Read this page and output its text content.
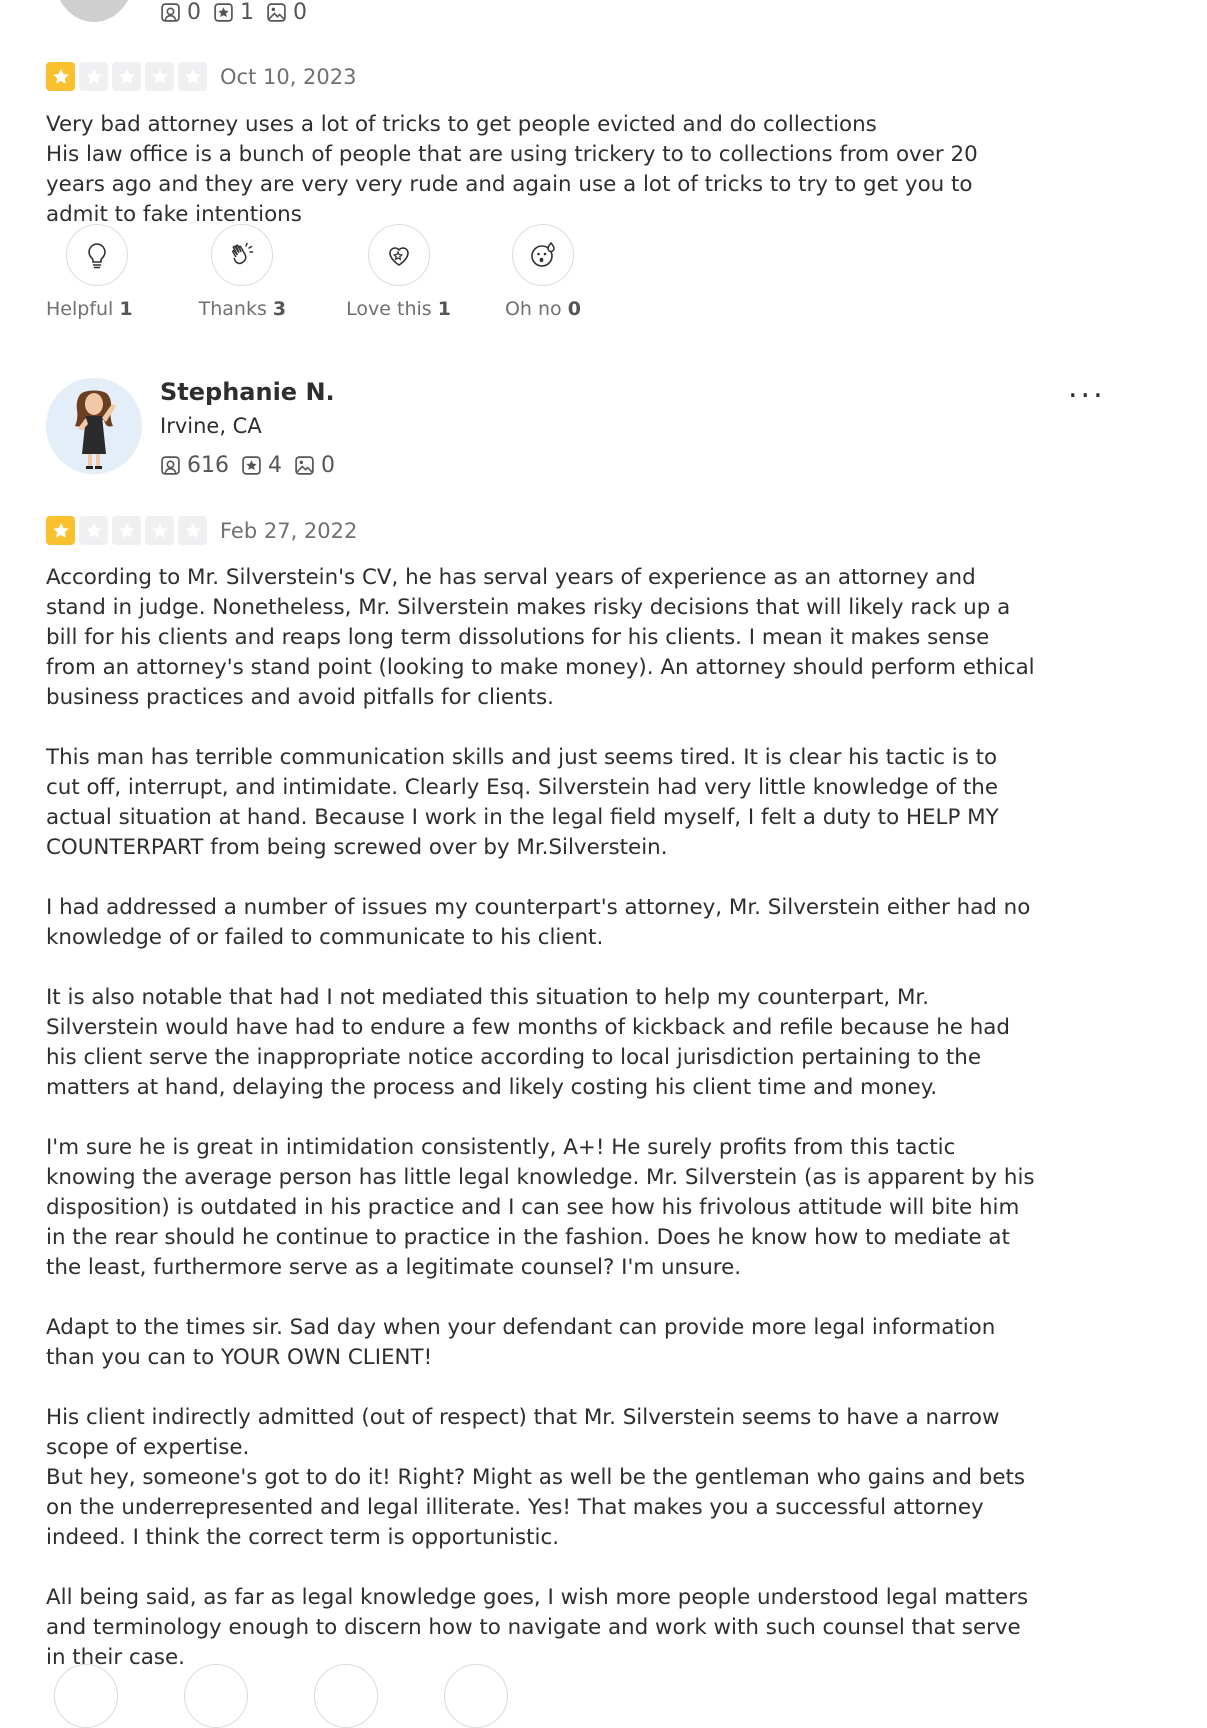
0 1 0
Oct 10, 2023
Very bad attorney uses a lot of tricks to get people evicted and do collections
His law office is a bunch of people that are using trickery to to collections from over 20 years ago and they are very very rude and again use a lot of tricks to try to get you to admit to fake intentions
Helpful 1	Thanks 3	Love this 1	Oh no 0
Stephanie N.
Irvine, CA
616 4 0
...
Feb 27, 2022

According to Mr. Silverstein's CV, he has serval years of experience as an attorney and stand in judge. Nonetheless, Mr. Silverstein makes risky decisions that will likely rack up a bill for his clients and reaps long term dissolutions for his clients. I mean it makes sense from an attorney's stand point (looking to make money). An attorney should perform ethical business practices and avoid pitfalls for clients.

This man has terrible communication skills and just seems tired. It is clear his tactic is to cut off, interrupt, and intimidate. Clearly Esq. Silverstein had very little knowledge of the actual situation at hand. Because I work in the legal field myself, I felt a duty to HELP MY COUNTERPART from being screwed over by Mr.Silverstein.

I had addressed a number of issues my counterpart's attorney, Mr. Silverstein either had no knowledge of or failed to communicate to his client.

It is also notable that had I not mediated this situation to help my counterpart, Mr. Silverstein would have had to endure a few months of kickback and refile because he had his client serve the inappropriate notice according to local jurisdiction pertaining to the matters at hand, delaying the process and likely costing his client time and money.

I'm sure he is great in intimidation consistently, A+! He surely profits from this tactic knowing the average person has little legal knowledge. Mr. Silverstein (as is apparent by his disposition) is outdated in his practice and I can see how his frivolous attitude will bite him in the rear should he continue to practice in the fashion. Does he know how to mediate at the least, furthermore serve as a legitimate counsel? I'm unsure.

Adapt to the times sir. Sad day when your defendant can provide more legal information than you can to YOUR OWN CLIENT!

His client indirectly admitted (out of respect) that Mr. Silverstein seems to have a narrow scope of expertise.
But hey, someone's got to do it! Right? Might as well be the gentleman who gains and bets on the underrepresented and legal illiterate. Yes! That makes you a successful attorney indeed. I think the correct term is opportunistic.

All being said, as far as legal knowledge goes, I wish more people understood legal matters and terminology enough to discern how to navigate and work with such counsel that serve in their case.
